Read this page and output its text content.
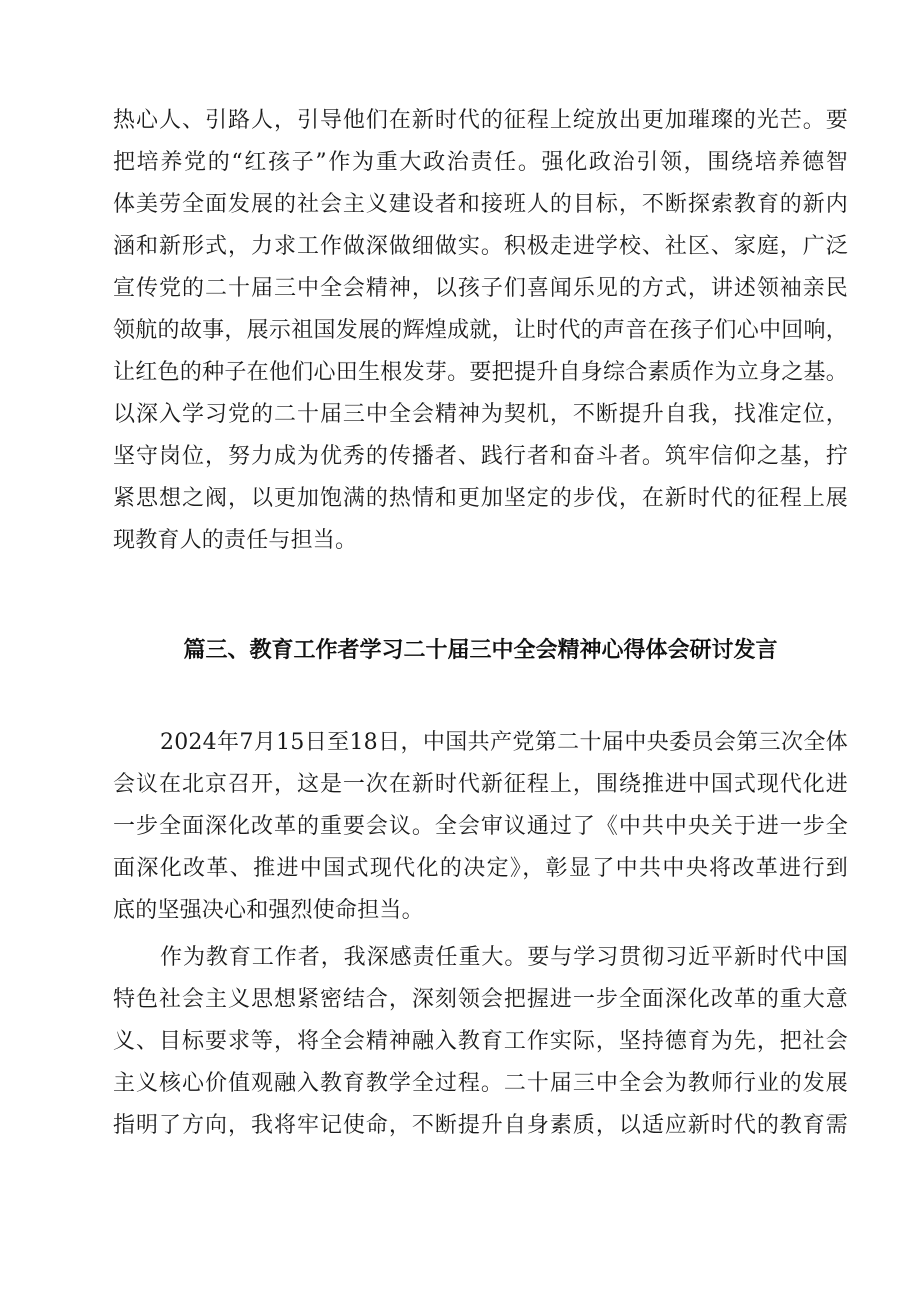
热心人、引路人，引导他们在新时代的征程上绽放出更加璀璨的光芒。要
把培养党的“红孩子”作为重大政治责任。强化政治引领，围绕培养德智
体美劳全面发展的社会主义建设者和接班人的目标，不断探索教育的新内
涵和新形式，力求工作做深做细做实。积极走进学校、社区、家庭，广泛
宣传党的二十届三中全会精神，以孩子们喜闻乐见的方式，讲述领袖亲民
领航的故事，展示祖国发展的辉煌成就，让时代的声音在孩子们心中回响，
让红色的种子在他们心田生根发芽。要把提升自身综合素质作为立身之基。
以深入学习党的二十届三中全会精神为契机，不断提升自我，找准定位，
坚守岗位，努力成为优秀的传播者、践行者和奋斗者。筑牢信仰之基，拧
紧思想之阀，以更加饱满的热情和更加坚定的步伐，在新时代的征程上展
现教育人的责任与担当。
篇三、教育工作者学习二十届三中全会精神心得体会研讨发言
2024年7月15日至18日，中国共产党第二十届中央委员会第三次全体
会议在北京召开，这是一次在新时代新征程上，围绕推进中国式现代化进
一步全面深化改革的重要会议。全会审议通过了《中共中央关于进一步全
面深化改革、推进中国式现代化的决定》，彰显了中共中央将改革进行到
底的坚强决心和强烈使命担当。
作为教育工作者，我深感责任重大。要与学习贯彻习近平新时代中国
特色社会主义思想紧密结合，深刻领会把握进一步全面深化改革的重大意
义、目标要求等，将全会精神融入教育工作实际，坚持德育为先，把社会
主义核心价值观融入教育教学全过程。二十届三中全会为教师行业的发展
指明了方向，我将牢记使命，不断提升自身素质，以适应新时代的教育需
